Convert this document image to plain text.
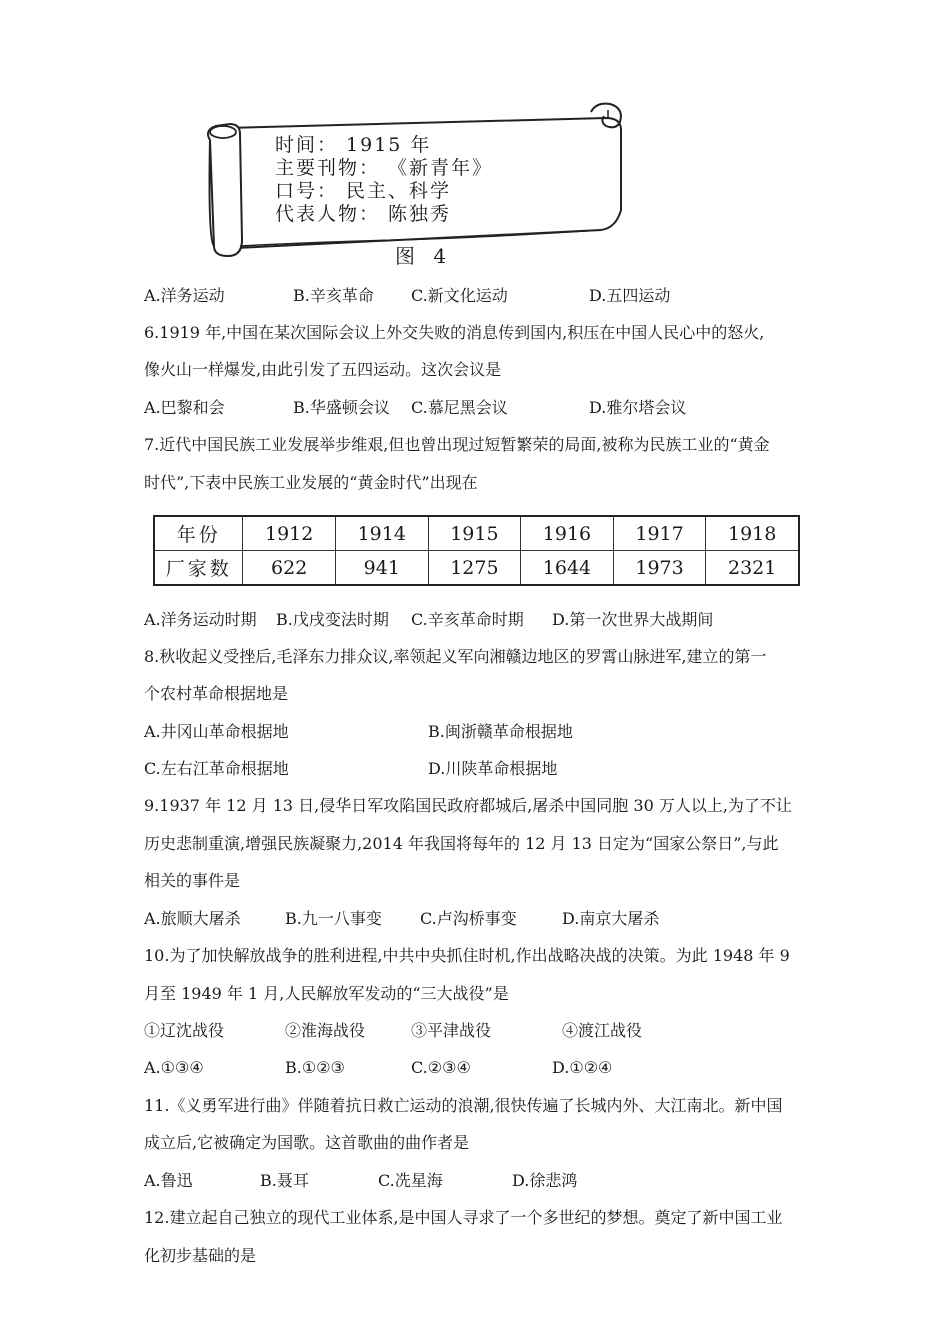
时间： 1915 年
主要刊物： 《新青年》
口号： 民主、科学
代表人物： 陈独秀
图 4
A.洋务运动	B.辛亥革命 C.新文化运动	D.五四运动
6.1919 年,中国在某次国际会议上外交失败的消息传到国内,积压在中国人民心中的怒火,
像火山一样爆发,由此引发了五四运动。这次会议是
A.巴黎和会	B.华盛顿会议 C.慕尼黑会议	D.雅尔塔会议
7.近代中国民族工业发展举步维艰,但也曾出现过短暂繁荣的局面,被称为民族工业的“黄金
时代”,下表中民族工业发展的“黄金时代”出现在
年份	1912	1914	1915	1916	1917	1918
厂家数	622	941	1275	1644	1973	2321
A.洋务运动时期 B.戊戌变法时期 C.辛亥革命时期 D.第一次世界大战期间
8.秋收起义受挫后,毛泽东力排众议,率领起义军向湘赣边地区的罗霄山脉进军,建立的第一
个农村革命根据地是
A.井冈山革命根据地	B.闽浙赣革命根据地
C.左右江革命根据地	D.川陕革命根据地
9.1937 年 12 月 13 日,侵华日军攻陷国民政府都城后,屠杀中国同胞 30 万人以上,为了不让
历史悲制重演,增强民族凝聚力,2014 年我国将每年的 12 月 13 日定为“国家公祭日”,与此
相关的事件是
A.旅顺大屠杀	B.九一八事变 C.卢沟桥事变	D.南京大屠杀
10.为了加快解放战争的胜利进程,中共中央抓住时机,作出战略决战的决策。为此 1948 年 9
月至 1949 年 1 月,人民解放军发动的“三大战役”是
①辽沈战役	②淮海战役	③平津战役	④渡江战役
A.①③④	B.①②③	C.②③④	D.①②④
11.《义勇军进行曲》伴随着抗日救亡运动的浪潮,很快传遍了长城内外、大江南北。新中国
成立后,它被确定为国歌。这首歌曲的曲作者是
A.鲁迅	B.聂耳	C.冼星海	D.徐悲鸿
12.建立起自己独立的现代工业体系,是中国人寻求了一个多世纪的梦想。奠定了新中国工业
化初步基础的是
